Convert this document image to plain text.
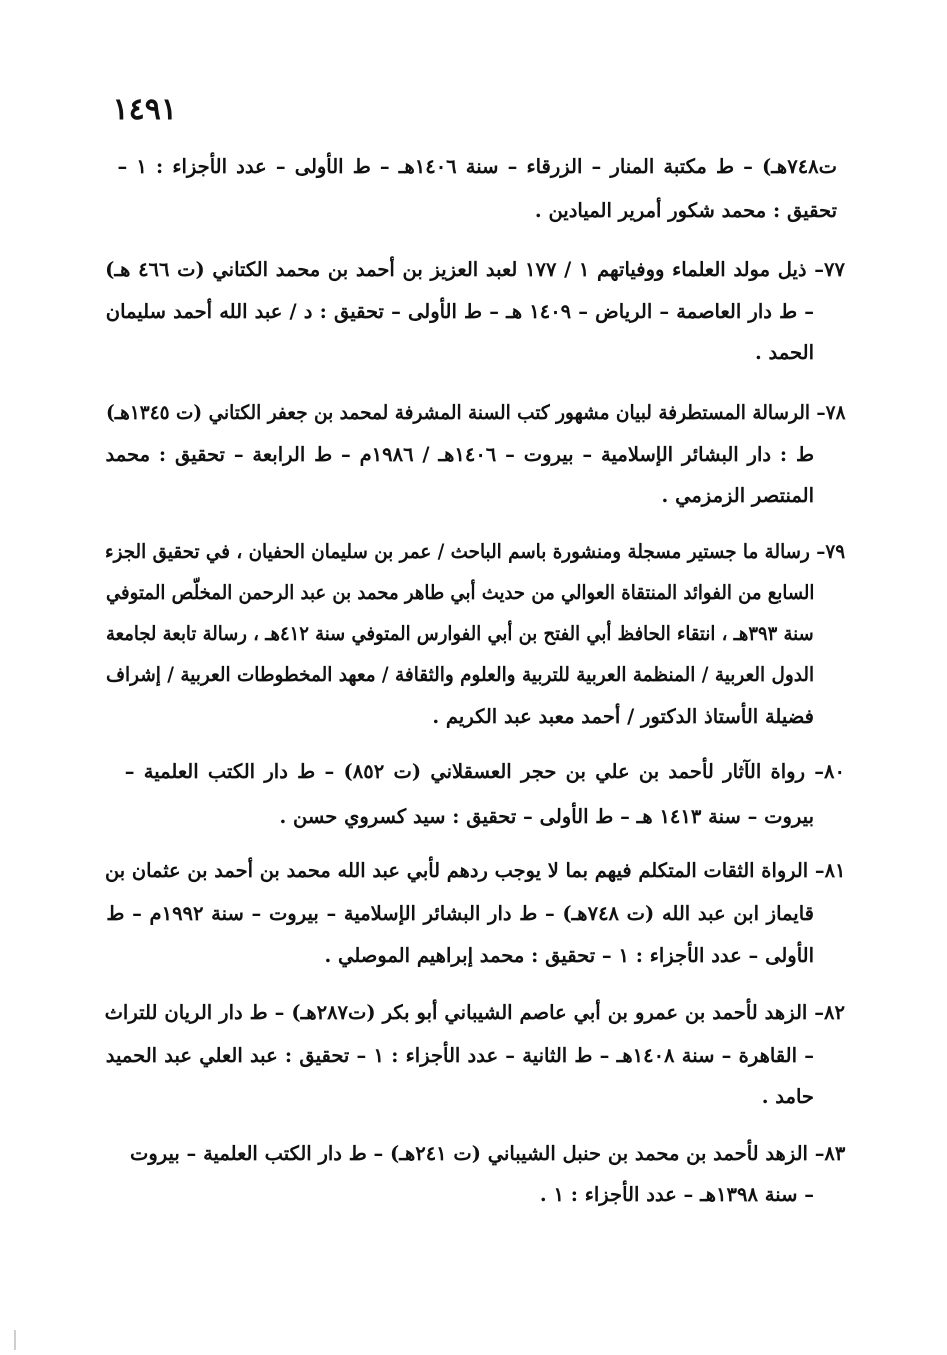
١٤٩١
ت٧٤٨هـ) – ط مكتبة المنار – الزرقاء – سنة ١٤٠٦هـ – ط الأولى – عدد الأجزاء : ١ –
تحقيق : محمد شكور أمرير الميادين .
٧٧– ذيل مولد العلماء ووفياتهم ١ / ١٧٧ لعبد العزيز بن أحمد بن محمد الكتاني (ت ٤٦٦ هـ)
– ط دار العاصمة – الرياض – ١٤٠٩ هـ – ط الأولى – تحقيق : د / عبد الله أحمد سليمان
الحمد .
٧٨– الرسالة المستطرفة لبيان مشهور كتب السنة المشرفة لمحمد بن جعفر الكتاني (ت ١٣٤٥هـ)
ط : دار البشائر الإسلامية – بيروت – ١٤٠٦هـ / ١٩٨٦م – ط الرابعة – تحقيق : محمد
المنتصر الزمزمي .
٧٩– رسالة ما جستير مسجلة ومنشورة باسم الباحث / عمر بن سليمان الحفيان ، في تحقيق الجزء
السابع من الفوائد المنتقاة العوالي من حديث أبي طاهر محمد بن عبد الرحمن المخلّص المتوفي
سنة ٣٩٣هـ ، انتقاء الحافظ أبي الفتح بن أبي الفوارس المتوفي سنة ٤١٢هـ ، رسالة تابعة لجامعة
الدول العربية / المنظمة العربية للتربية والعلوم والثقافة / معهد المخطوطات العربية / إشراف
فضيلة الأستاذ الدكتور / أحمد معبد عبد الكريم .
٨٠– رواة الآثار لأحمد بن علي بن حجر العسقلاني (ت ٨٥٢) – ط دار الكتب العلمية –
بيروت – سنة ١٤١٣ هـ – ط الأولى – تحقيق : سيد كسروي حسن .
٨١– الرواة الثقات المتكلم فيهم بما لا يوجب ردهم لأبي عبد الله محمد بن أحمد بن عثمان بن
قايماز ابن عبد الله (ت ٧٤٨هـ) – ط دار البشائر الإسلامية – بيروت – سنة ١٩٩٢م – ط
الأولى – عدد الأجزاء : ١ – تحقيق : محمد إبراهيم الموصلي .
٨٢– الزهد لأحمد بن عمرو بن أبي عاصم الشيباني أبو بكر (ت٢٨٧هـ) – ط دار الريان للتراث
– القاهرة – سنة ١٤٠٨هـ – ط الثانية – عدد الأجزاء : ١ – تحقيق : عبد العلي عبد الحميد
حامد .
٨٣– الزهد لأحمد بن محمد بن حنبل الشيباني (ت ٢٤١هـ) – ط دار الكتب العلمية – بيروت
– سنة ١٣٩٨هـ – عدد الأجزاء : ١ .
